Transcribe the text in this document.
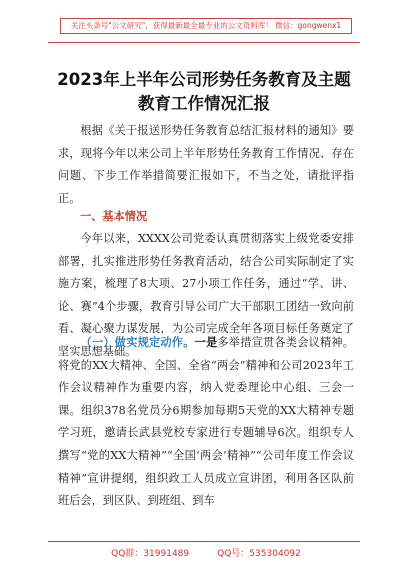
关注头条号"公文研究"，获得最新最全最专业的公文资料库！ 微信：gongwenx1
2023年上半年公司形势任务教育及主题
教育工作情况汇报

根据《关于报送形势任务教育总结汇报材料的通知》要求，现将今年以来公司上半年形势任务教育工作情况、存在问题、下步工作举措简要汇报如下，不当之处，请批评指正。

一、基本情况

今年以来，XXXX公司党委认真贯彻落实上级党委安排部署，扎实推进形势任务教育活动，结合公司实际制定了实施方案，梳理了8大项、27小项工作任务，通过“学、讲、论、赛”4个步骤，教育引导公司广大干部职工团结一致向前看、凝心聚力谋发展，为公司完成全年各项目标任务奠定了坚实思想基础。

（一）做实规定动作。一是多举措宣贯各类会议精神。将党的XX大精神、全国、全省“两会”精神和公司2023年工作会议精神作为重要内容，纳入党委理论中心组、三会一课。组织378名党员分6期参加每期5天党的XX大精神专题学习班，邀请长武县党校专家进行专题辅导6次。组织专人撰写“党的XX大精神”“全国‘两会’精神”“公司年度工作会议精神”宣讲提纲，组织政工人员成立宣讲团，利用各区队前班后会，到区队、到班组、到车

QQ群：31991489	QQ号：535304092
